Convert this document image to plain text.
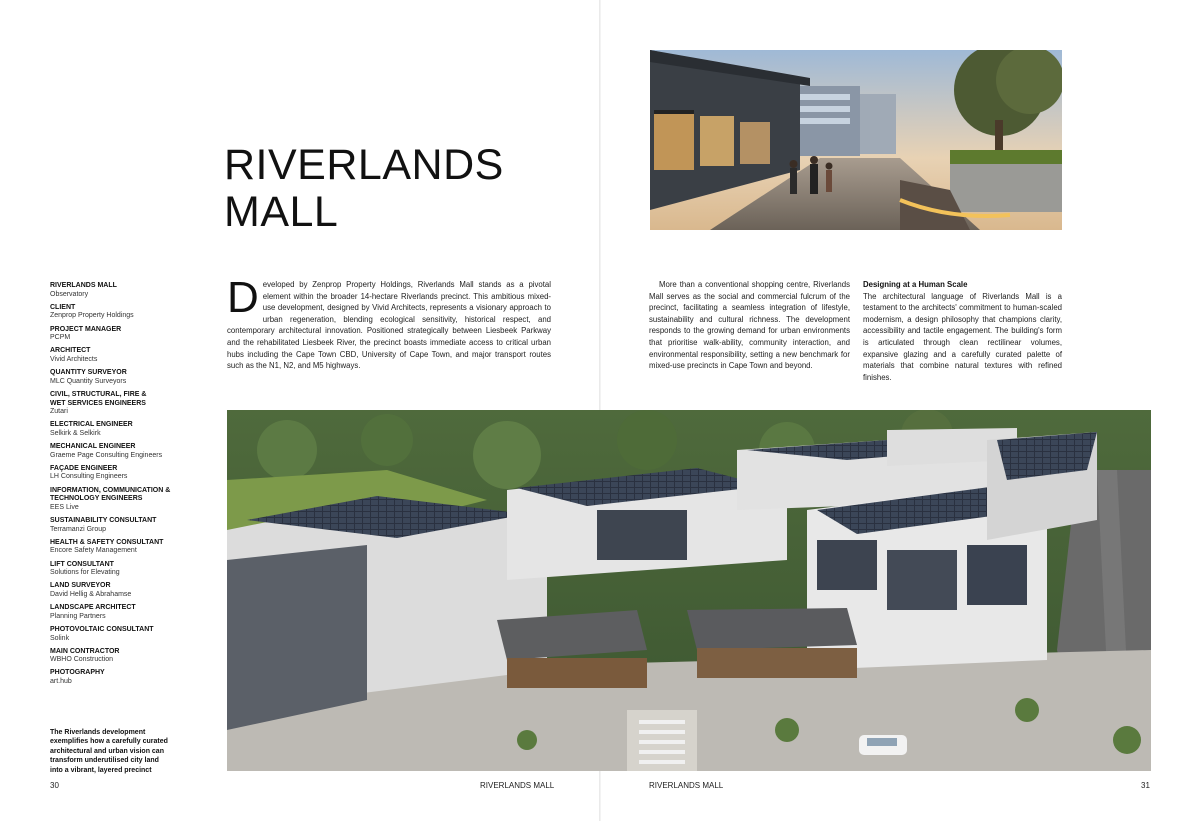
RIVERLANDS
MALL
RIVERLANDS MALL
Observatory
CLIENT
Zenprop Property Holdings
PROJECT MANAGER
PCPM
ARCHITECT
Vivid Architects
QUANTITY SURVEYOR
MLC Quantity Surveyors
CIVIL, STRUCTURAL, FIRE &
WET SERVICES ENGINEERS
Zutari
ELECTRICAL ENGINEER
Selkirk & Selkirk
MECHANICAL ENGINEER
Graeme Page Consulting Engineers
FAÇADE ENGINEER
LH Consulting Engineers
INFORMATION, COMMUNICATION &
TECHNOLOGY ENGINEERS
EES Live
SUSTAINABILITY CONSULTANT
Terramanzi Group
HEALTH & SAFETY CONSULTANT
Encore Safety Management
LIFT CONSULTANT
Solutions for Elevating
LAND SURVEYOR
David Hellig & Abrahamse
LANDSCAPE ARCHITECT
Planning Partners
PHOTOVOLTAIC CONSULTANT
Solink
MAIN CONTRACTOR
WBHO Construction
PHOTOGRAPHY
art.hub
The Riverlands development exemplifies how a carefully curated architectural and urban vision can transform underutilised city land into a vibrant, layered precinct
Developed by Zenprop Property Holdings, Riverlands Mall stands as a pivotal element within the broader 14-hectare Riverlands precinct. This ambitious mixed-use development, designed by Vivid Architects, represents a visionary approach to urban regeneration, blending ecological sensitivity, historical respect, and contemporary architectural innovation. Positioned strategically between Liesbeek Parkway and the rehabilitated Liesbeek River, the precinct boasts immediate access to critical urban hubs including the Cape Town CBD, University of Cape Town, and major transport routes such as the N1, N2, and M5 highways.
More than a conventional shopping centre, Riverlands Mall serves as the social and commercial fulcrum of the precinct, facilitating a seamless integration of lifestyle, sustainability and cultural richness. The development responds to the growing demand for urban environments that prioritise walk-ability, community interaction, and environmental responsibility, setting a new benchmark for mixed-use precincts in Cape Town and beyond.
Designing at a Human Scale
The architectural language of Riverlands Mall is a testament to the architects' commitment to human-scaled modernism, a design philosophy that champions clarity, accessibility and tactile engagement. The building's form is articulated through clean rectilinear volumes, expansive glazing and a carefully curated palette of materials that combine natural textures with refined finishes.
30	RIVERLANDS MALL	RIVERLANDS MALL	31
